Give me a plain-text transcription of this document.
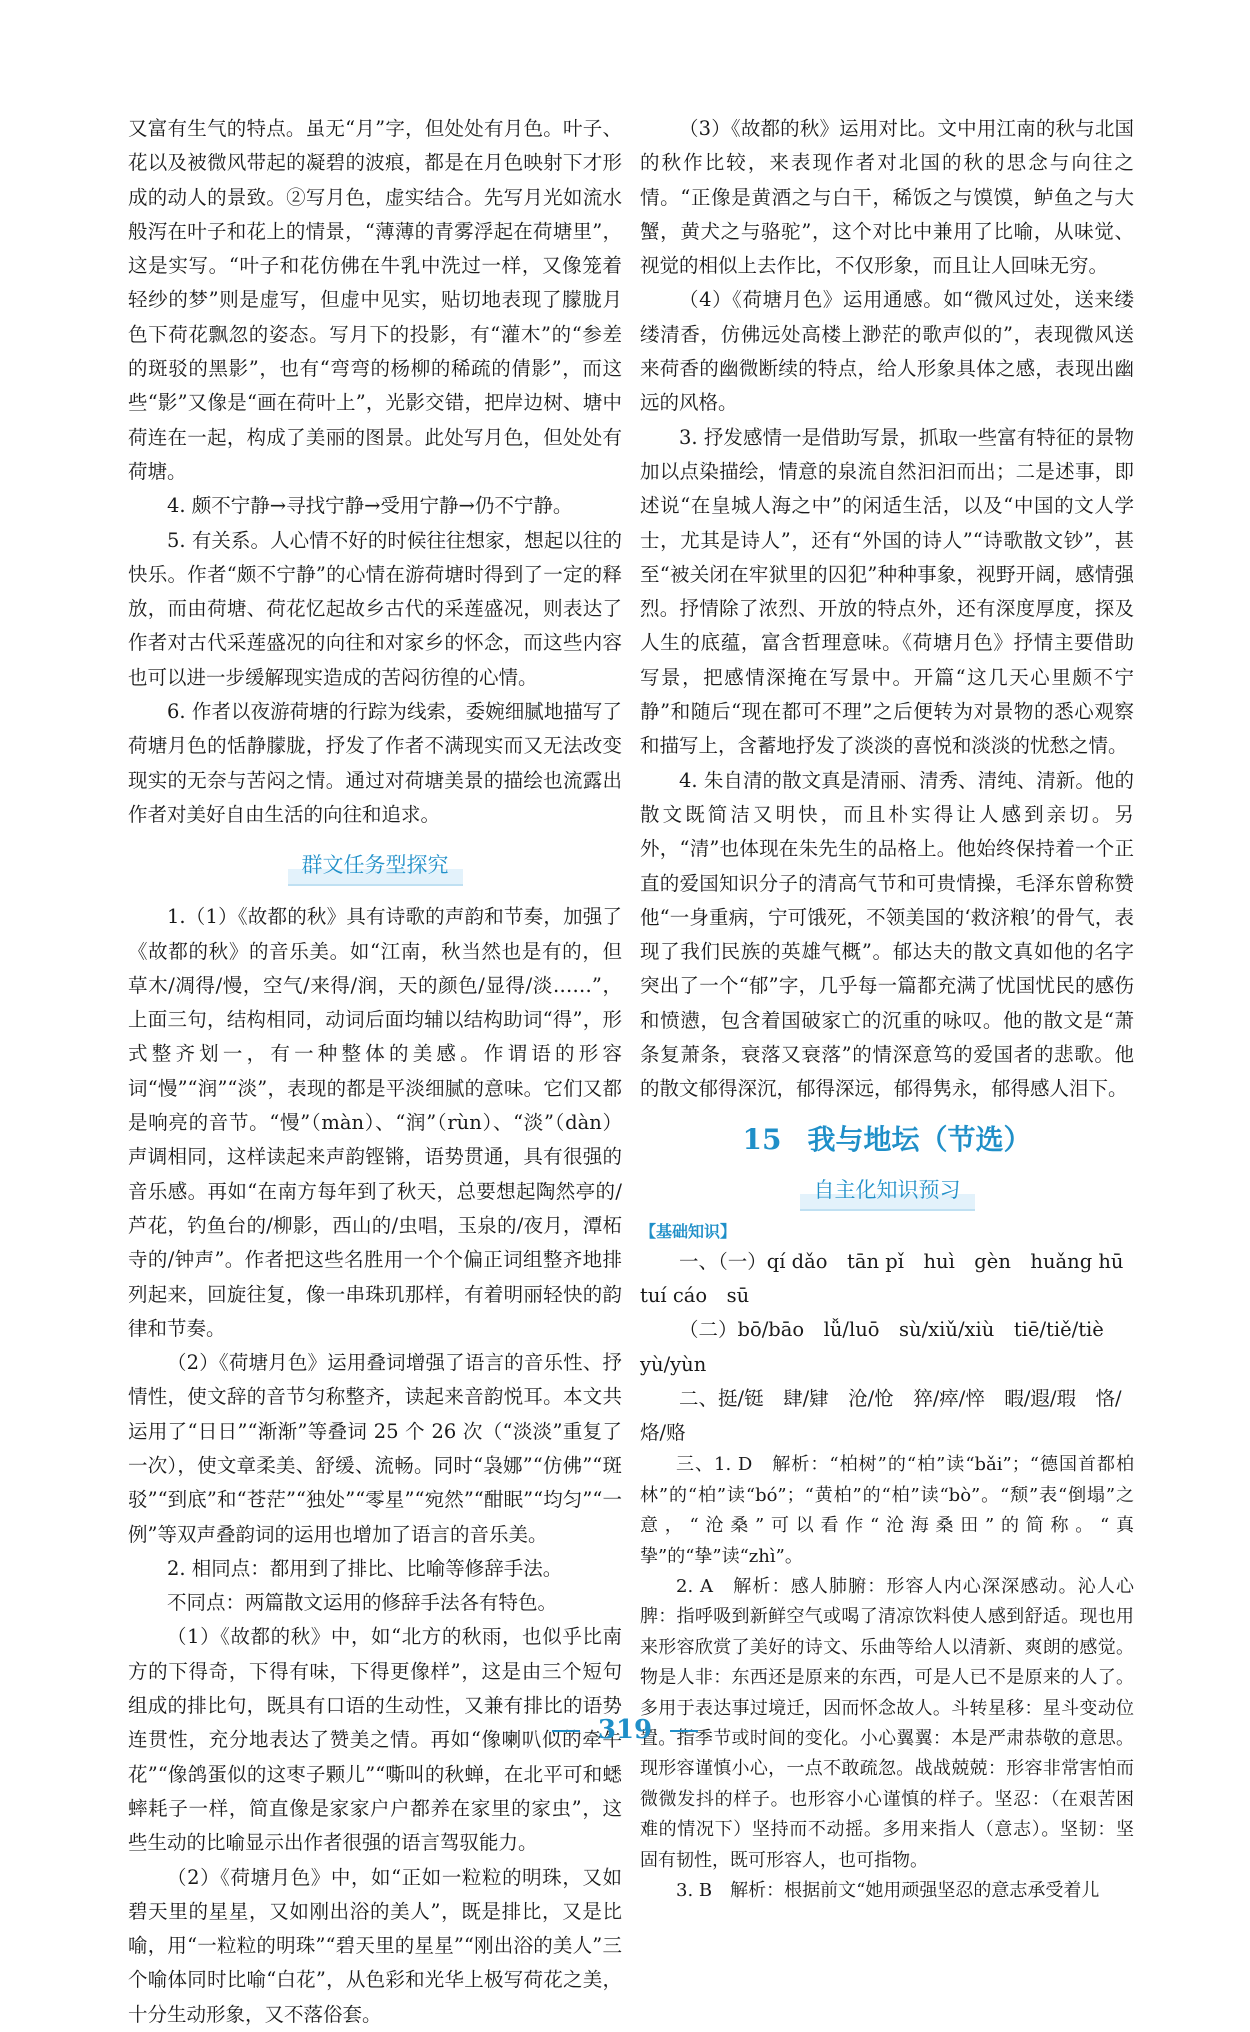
又富有生气的特点。虽无“月”字，但处处有月色。叶子、花以及被微风带起的凝碧的波痕，都是在月色映射下才形成的动人的景致。②写月色，虚实结合。先写月光如流水般泻在叶子和花上的情景，“薄薄的青雾浮起在荷塘里”，这是实写。“叶子和花仿佛在牛乳中洗过一样，又像笼着轻纱的梦”则是虚写，但虚中见实，贴切地表现了朦胧月色下荷花飘忽的姿态。写月下的投影，有“灌木”的“参差的斑驳的黑影”，也有“弯弯的杨柳的稀疏的倩影”，而这些“影”又像是“画在荷叶上”，光影交错，把岸边树、塘中荷连在一起，构成了美丽的图景。此处写月色，但处处有荷塘。

4. 颇不宁静→寻找宁静→受用宁静→仍不宁静。

5. 有关系。人心情不好的时候往往想家，想起以往的快乐。作者“颇不宁静”的心情在游荷塘时得到了一定的释放，而由荷塘、荷花忆起故乡古代的采莲盛况，则表达了作者对古代采莲盛况的向往和对家乡的怀念，而这些内容也可以进一步缓解现实造成的苦闷彷徨的心情。

6. 作者以夜游荷塘的行踪为线索，委婉细腻地描写了荷塘月色的恬静朦胧，抒发了作者不满现实而又无法改变现实的无奈与苦闷之情。通过对荷塘美景的描绘也流露出作者对美好自由生活的向往和追求。

群文任务型探究

1.（1）《故都的秋》具有诗歌的声韵和节奏，加强了《故都的秋》的音乐美。如“江南，秋当然也是有的，但草木/凋得/慢，空气/来得/润，天的颜色/显得/淡……”，上面三句，结构相同，动词后面均辅以结构助词“得”，形式整齐划一，有一种整体的美感。作谓语的形容词“慢”“润”“淡”，表现的都是平淡细腻的意味。它们又都是响亮的音节。“慢”（màn）、“润”（rùn）、“淡”（dàn）声调相同，这样读起来声韵铿锵，语势贯通，具有很强的音乐感。再如“在南方每年到了秋天，总要想起陶然亭的/芦花，钓鱼台的/柳影，西山的/虫唱，玉泉的/夜月，潭柘寺的/钟声”。作者把这些名胜用一个个偏正词组整齐地排列起来，回旋往复，像一串珠玑那样，有着明丽轻快的韵律和节奏。

（2）《荷塘月色》运用叠词增强了语言的音乐性、抒情性，使文辞的音节匀称整齐，读起来音韵悦耳。本文共运用了“日日”“渐渐”等叠词 25 个 26 次（“淡淡”重复了一次），使文章柔美、舒缓、流畅。同时“袅娜”“仿佛”“斑驳”“到底”和“苍茫”“独处”“零星”“宛然”“酣眠”“均匀”“一例”等双声叠韵词的运用也增加了语言的音乐美。

2. 相同点：都用到了排比、比喻等修辞手法。

不同点：两篇散文运用的修辞手法各有特色。

（1）《故都的秋》中，如“北方的秋雨，也似乎比南方的下得奇，下得有味，下得更像样”，这是由三个短句组成的排比句，既具有口语的生动性，又兼有排比的语势连贯性，充分地表达了赞美之情。再如“像喇叭似的牵牛花”“像鸽蛋似的这枣子颗儿”“嘶叫的秋蝉，在北平可和蟋蟀耗子一样，简直像是家家户户都养在家里的家虫”，这些生动的比喻显示出作者很强的语言驾驭能力。

（2）《荷塘月色》中，如“正如一粒粒的明珠，又如碧天里的星星，又如刚出浴的美人”，既是排比，又是比喻，用“一粒粒的明珠”“碧天里的星星”“刚出浴的美人”三个喻体同时比喻“白花”，从色彩和光华上极写荷花之美，十分生动形象，又不落俗套。

（3）《故都的秋》运用对比。文中用江南的秋与北国的秋作比较，来表现作者对北国的秋的思念与向往之情。“正像是黄酒之与白干，稀饭之与馍馍，鲈鱼之与大蟹，黄犬之与骆驼”，这个对比中兼用了比喻，从味觉、视觉的相似上去作比，不仅形象，而且让人回味无穷。

（4）《荷塘月色》运用通感。如“微风过处，送来缕缕清香，仿佛远处高楼上渺茫的歌声似的”，表现微风送来荷香的幽微断续的特点，给人形象具体之感，表现出幽远的风格。

3. 抒发感情一是借助写景，抓取一些富有特征的景物加以点染描绘，情意的泉流自然汩汩而出；二是述事，即述说“在皇城人海之中”的闲适生活，以及“中国的文人学士，尤其是诗人”，还有“外国的诗人”“诗歌散文钞”，甚至“被关闭在牢狱里的囚犯”种种事象，视野开阔，感情强烈。抒情除了浓烈、开放的特点外，还有深度厚度，探及人生的底蕴，富含哲理意味。《荷塘月色》抒情主要借助写景，把感情深掩在写景中。开篇“这几天心里颇不宁静”和随后“现在都可不理”之后便转为对景物的悉心观察和描写上，含蓄地抒发了淡淡的喜悦和淡淡的忧愁之情。

4. 朱自清的散文真是清丽、清秀、清纯、清新。他的散文既简洁又明快，而且朴实得让人感到亲切。另外，“清”也体现在朱先生的品格上。他始终保持着一个正直的爱国知识分子的清高气节和可贵情操，毛泽东曾称赞他“一身重病，宁可饿死，不领美国的‘救济粮’的骨气，表现了我们民族的英雄气概”。郁达夫的散文真如他的名字突出了一个“郁”字，几乎每一篇都充满了忧国忧民的感伤和愤懑，包含着国破家亡的沉重的咏叹。他的散文是“萧条复萧条，衰落又衰落”的情深意笃的爱国者的悲歌。他的散文郁得深沉，郁得深远，郁得隽永，郁得感人泪下。

15 我与地坛（节选）
自主化知识预习
【基础知识】

一、（一）qí dǎo　tān pǐ　huì　gèn　huǎng hū　tuí cáo　sū

（二）bō/bāo　lǚ/luō　sù/xiǔ/xiù　tiē/tiě/tiè　yù/yùn

二、挺/铤　肆/肄　沧/怆　猝/瘁/悴　暇/遐/瑕　恪/烙/赂

三、1. D　解析：“柏树”的“柏”读“bǎi”；“德国首都柏林”的“柏”读“bó”；“黄柏”的“柏”读“bò”。“颓”表“倒塌”之意，“沧桑”可以看作“沧海桑田”的简称。“真挚”的“挚”读“zhì”。

2. A　解析：感人肺腑：形容人内心深深感动。沁人心脾：指呼吸到新鲜空气或喝了清凉饮料使人感到舒适。现也用来形容欣赏了美好的诗文、乐曲等给人以清新、爽朗的感觉。物是人非：东西还是原来的东西，可是人已不是原来的人了。多用于表达事过境迁，因而怀念故人。斗转星移：星斗变动位置。指季节或时间的变化。小心翼翼：本是严肃恭敬的意思。现形容谨慎小心，一点不敢疏忽。战战兢兢：形容非常害怕而微微发抖的样子。也形容小心谨慎的样子。坚忍：（在艰苦困难的情况下）坚持而不动摇。多用来指人（意志）。坚韧：坚固有韧性，既可形容人，也可指物。

3. B　解析：根据前文“她用顽强坚忍的意志承受着儿

319
